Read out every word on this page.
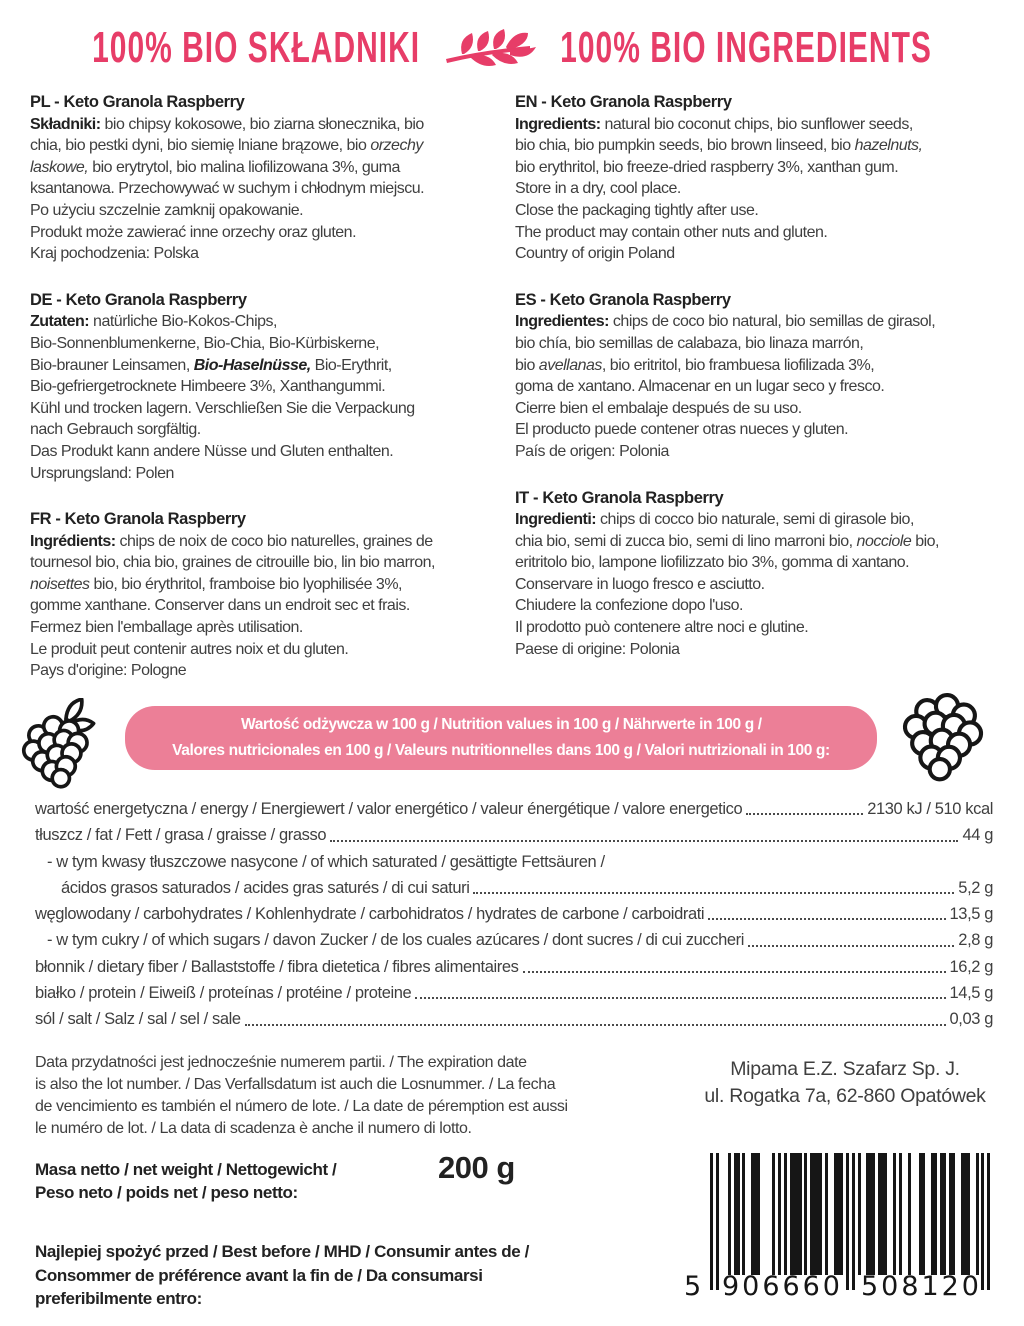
100% BIO SKŁADNIKI	100% BIO INGREDIENTS
PL - Keto Granola Raspberry
Składniki: bio chipsy kokosowe, bio ziarna słonecznika, bio
chia, bio pestki dyni, bio siemię lniane brązowe, bio orzechy
laskowe, bio erytrytol, bio malina liofilizowana 3%, guma
ksantanowa. Przechowywać w suchym i chłodnym miejscu.
Po użyciu szczelnie zamknij opakowanie.
Produkt może zawierać inne orzechy oraz gluten.
Kraj pochodzenia: Polska
DE - Keto Granola Raspberry
Zutaten: natürliche Bio-Kokos-Chips,
Bio-Sonnenblumenkerne, Bio-Chia, Bio-Kürbiskerne,
Bio-brauner Leinsamen, Bio-Haselnüsse, Bio-Erythrit,
Bio-gefriergetrocknete Himbeere 3%, Xanthangummi.
Kühl und trocken lagern. Verschließen Sie die Verpackung
nach Gebrauch sorgfältig.
Das Produkt kann andere Nüsse und Gluten enthalten.
Ursprungsland: Polen
FR - Keto Granola Raspberry
Ingrédients: chips de noix de coco bio naturelles, graines de
tournesol bio, chia bio, graines de citrouille bio, lin bio marron,
noisettes bio, bio érythritol, framboise bio lyophilisée 3%,
gomme xanthane. Conserver dans un endroit sec et frais.
Fermez bien l'emballage après utilisation.
Le produit peut contenir autres noix et du gluten.
Pays d'origine: Pologne
EN - Keto Granola Raspberry
Ingredients: natural bio coconut chips, bio sunflower seeds,
bio chia, bio pumpkin seeds, bio brown linseed, bio hazelnuts,
bio erythritol, bio freeze-dried raspberry 3%, xanthan gum.
Store in a dry, cool place.
Close the packaging tightly after use.
The product may contain other nuts and gluten.
Country of origin Poland
ES - Keto Granola Raspberry
Ingredientes: chips de coco bio natural, bio semillas de girasol,
bio chía, bio semillas de calabaza, bio linaza marrón,
bio avellanas, bio eritritol, bio frambuesa liofilizada 3%,
goma de xantano. Almacenar en un lugar seco y fresco.
Cierre bien el embalaje después de su uso.
El producto puede contener otras nueces y gluten.
País de origen: Polonia
IT - Keto Granola Raspberry
Ingredienti: chips di cocco bio naturale, semi di girasole bio,
chia bio, semi di zucca bio, semi di lino marroni bio, nocciole bio,
eritritolo bio, lampone liofilizzato bio 3%, gomma di xantano.
Conservare in luogo fresco e asciutto.
Chiudere la confezione dopo l'uso.
Il prodotto può contenere altre noci e glutine.
Paese di origine: Polonia
Wartość odżywcza w 100 g / Nutrition values in 100 g / Nährwerte in 100 g /
Valores nutricionales en 100 g / Valeurs nutritionnelles dans 100 g / Valori nutrizionali in 100 g:
wartość energetyczna / energy / Energiewert / valor energético / valeur énergétique / valore energetico	2130 kJ / 510 kcal
tłuszcz / fat / Fett / grasa / graisse / grasso	44 g
- w tym kwasy tłuszczowe nasycone / of which saturated / gesättigte Fettsäuren /
ácidos grasos saturados / acides gras saturés / di cui saturi	5,2 g
węglowodany / carbohydrates / Kohlenhydrate / carbohidratos / hydrates de carbone / carboidrati	13,5 g
- w tym cukry / of which sugars / davon Zucker / de los cuales azúcares / dont sucres / di cui zuccheri	2,8 g
błonnik / dietary fiber / Ballaststoffe / fibra dietetica / fibres alimentaires	16,2 g
białko / protein / Eiweiß / proteínas / protéine / proteine	14,5 g
sól / salt / Salz / sal / sel / sale	0,03 g
Data przydatności jest jednocześnie numerem partii. / The expiration date
is also the lot number. / Das Verfallsdatum ist auch die Losnummer. / La fecha
de vencimiento es también el número de lote. / La date de péremption est aussi
le numéro de lot. / La data di scadenza è anche il numero di lotto.
Mipama E.Z. Szafarz Sp. J.
ul. Rogatka 7a, 62-860 Opatówek
Masa netto / net weight / Nettogewicht /
Peso neto / poids net / peso netto:
200 g
Najlepiej spożyć przed / Best before / MHD / Consumir antes de /
Consommer de préférence avant la fin de / Da consumarsi
preferibilmente entro:	5 9 0 6 6 6 0 5 0 8 1 2 0
